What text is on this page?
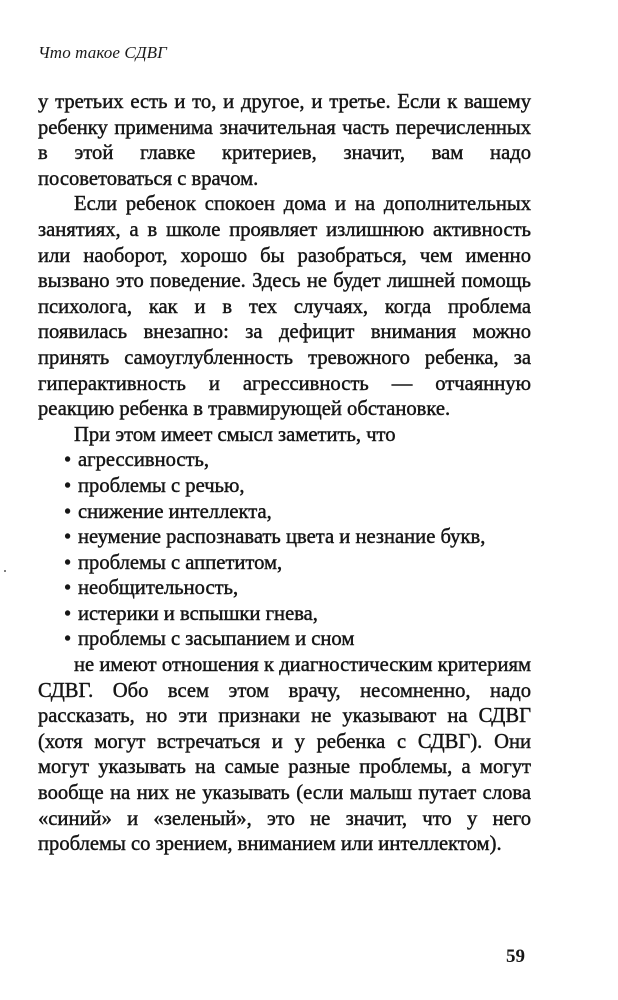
Что такое СДВГ

у третьих есть и то, и другое, и третье. Если к вашему ребенку применима значительная часть перечисленных в этой главке критериев, значит, вам надо посоветоваться с врачом.

Если ребенок спокоен дома и на дополнительных занятиях, а в школе проявляет излишнюю активность или наоборот, хорошо бы разобраться, чем именно вызвано это поведение. Здесь не будет лишней помощь психолога, как и в тех случаях, когда проблема появилась внезапно: за дефицит внимания можно принять самоуглубленность тревожного ребенка, за гиперактивность и агрессивность — отчаянную реакцию ребенка в травмирующей обстановке.

При этом имеет смысл заметить, что

• агрессивность,
• проблемы с речью,
• снижение интеллекта,
• неумение распознавать цвета и незнание букв,
• проблемы с аппетитом,
• необщительность,
• истерики и вспышки гнева,
• проблемы с засыпанием и сном

не имеют отношения к диагностическим критериям СДВГ. Обо всем этом врачу, несомненно, надо рассказать, но эти признаки не указывают на СДВГ (хотя могут встречаться и у ребенка с СДВГ). Они могут указывать на самые разные проблемы, а могут вообще на них не указывать (если малыш путает слова «синий» и «зеленый», это не значит, что у него проблемы со зрением, вниманием или интеллектом).

59
